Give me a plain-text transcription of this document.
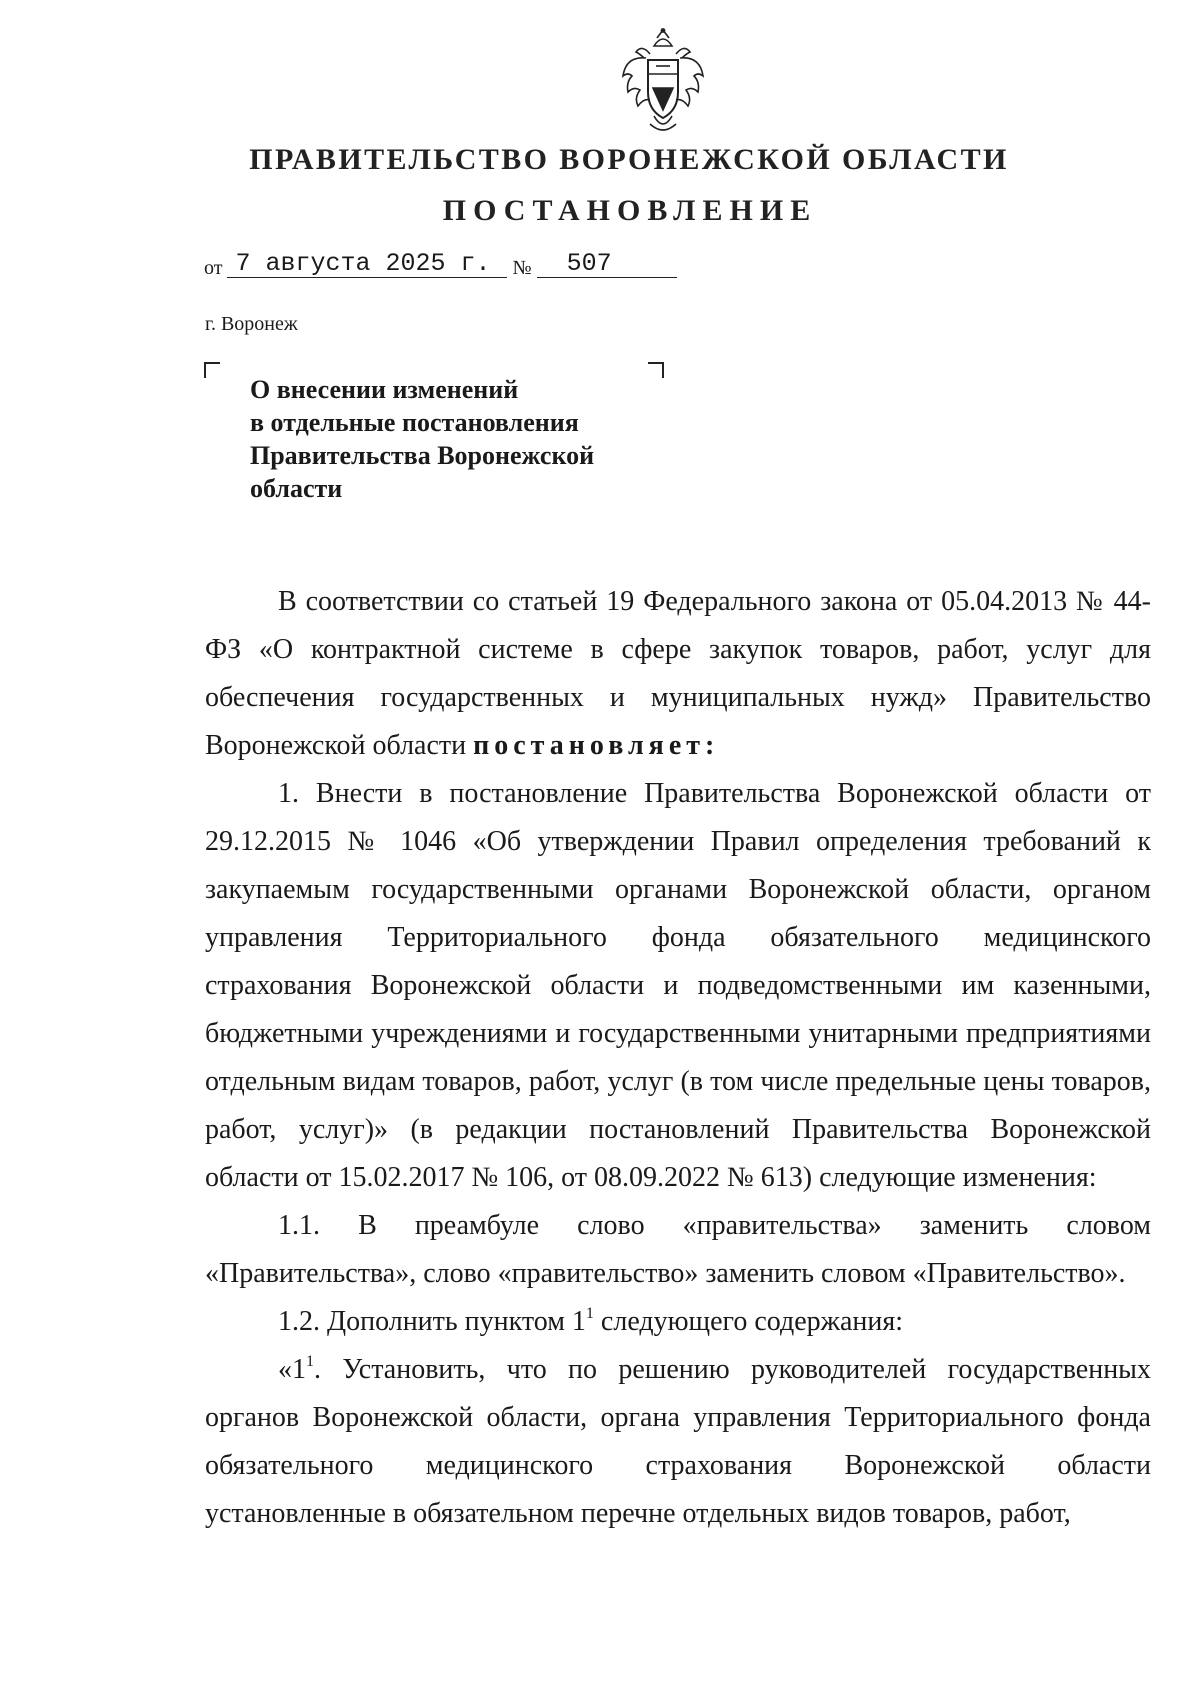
ПРАВИТЕЛЬСТВО ВОРОНЕЖСКОЙ ОБЛАСТИ
ПОСТАНОВЛЕНИЕ
от 7 августа 2025 г. № 507
г. Воронеж
О внесении изменений
в отдельные постановления
Правительства Воронежской
области

В соответствии со статьей 19 Федерального закона от 05.04.2013 № 44-ФЗ «О контрактной системе в сфере закупок товаров, работ, услуг для обеспечения государственных и муниципальных нужд» Правительство Воронежской области постановляет:

1. Внести в постановление Правительства Воронежской области от 29.12.2015 № 1046 «Об утверждении Правил определения требований к закупаемым государственными органами Воронежской области, органом управления Территориального фонда обязательного медицинского страхования Воронежской области и подведомственными им казенными, бюджетными учреждениями и государственными унитарными предприятиями отдельным видам товаров, работ, услуг (в том числе предельные цены товаров, работ, услуг)» (в редакции постановлений Правительства Воронежской области от 15.02.2017 № 106, от 08.09.2022 № 613) следующие изменения:

1.1. В преамбуле слово «правительства» заменить словом «Правительства», слово «правительство» заменить словом «Правительство».

1.2. Дополнить пунктом $1^1$ следующего содержания:

«$1^1$. Установить, что по решению руководителей государственных органов Воронежской области, органа управления Территориального фонда обязательного медицинского страхования Воронежской области установленные в обязательном перечне отдельных видов товаров, работ,
